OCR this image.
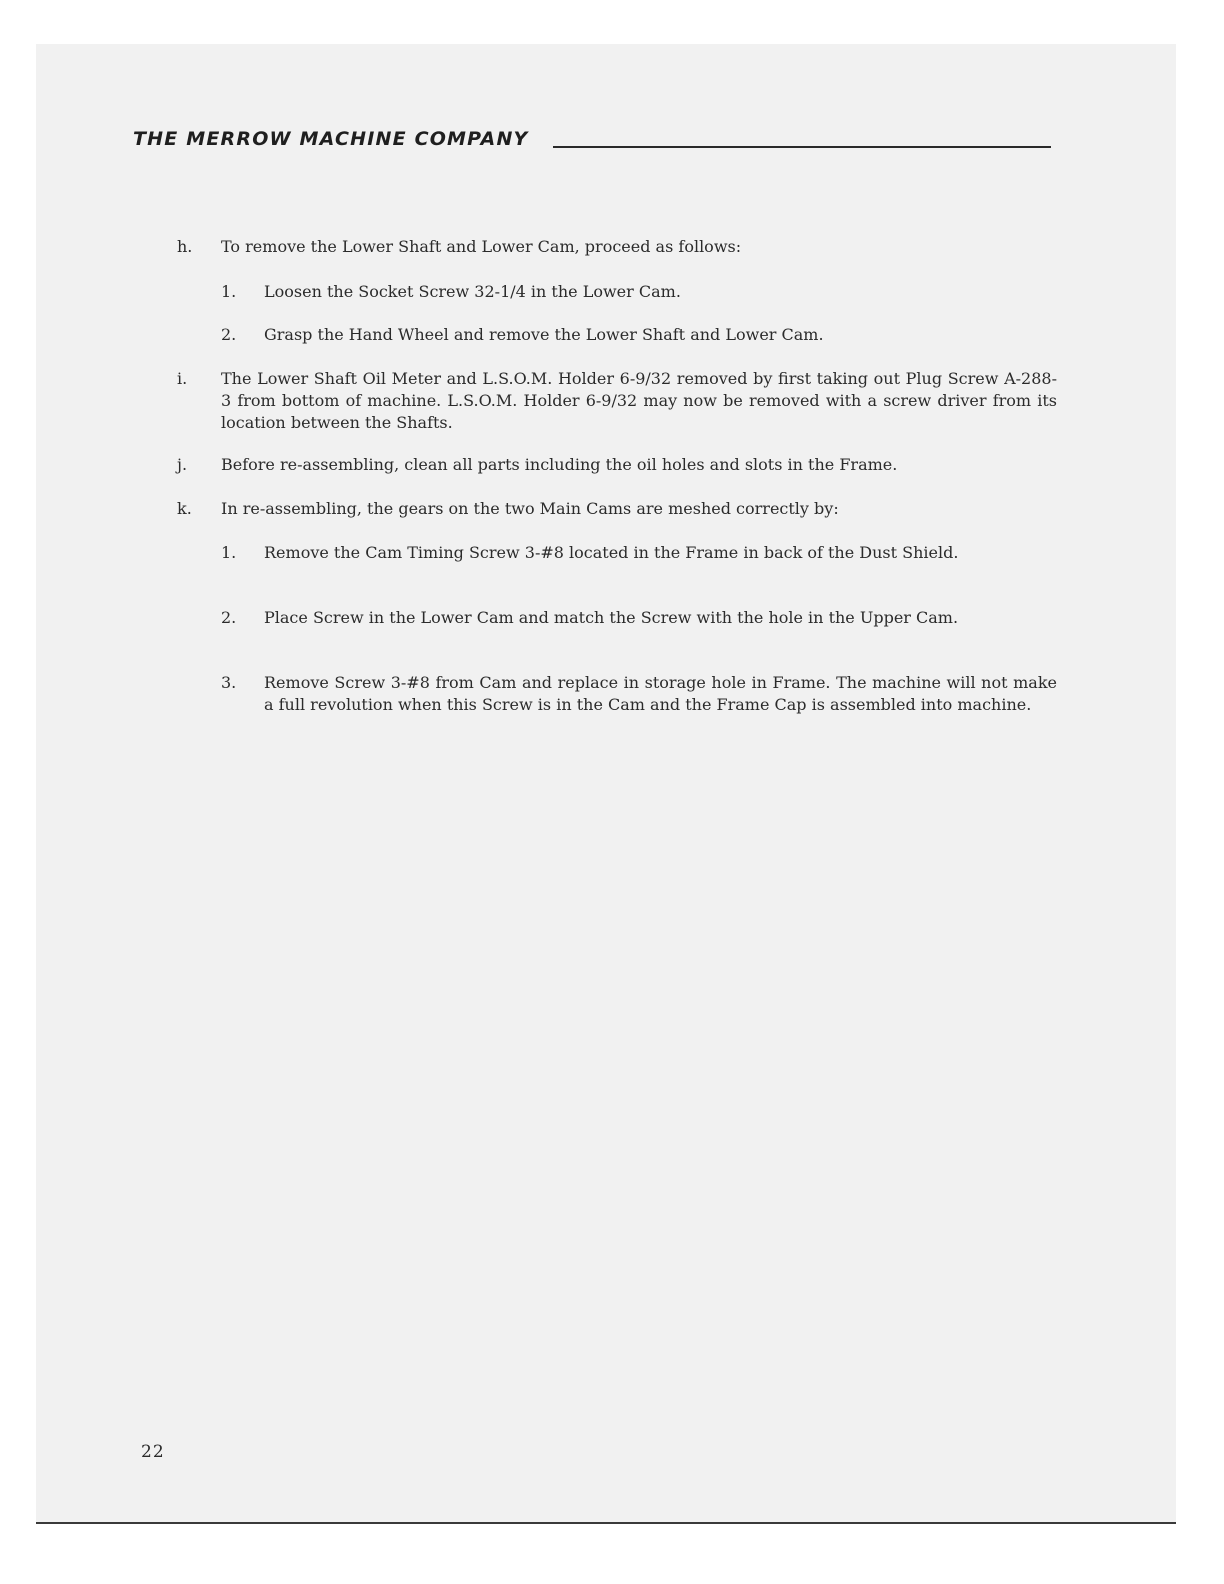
THE MERROW MACHINE COMPANY
h. To remove the Lower Shaft and Lower Cam, proceed as follows:
1. Loosen the Socket Screw 32-1/4 in the Lower Cam.
2. Grasp the Hand Wheel and remove the Lower Shaft and Lower Cam.
i. The Lower Shaft Oil Meter and L.S.O.M. Holder 6-9/32 removed by first taking out Plug Screw A-288-3 from bottom of machine. L.S.O.M. Holder 6-9/32 may now be removed with a screw driver from its location between the Shafts.
j. Before re-assembling, clean all parts including the oil holes and slots in the Frame.
k. In re-assembling, the gears on the two Main Cams are meshed correctly by:
1. Remove the Cam Timing Screw 3-#8 located in the Frame in back of the Dust Shield.
2. Place Screw in the Lower Cam and match the Screw with the hole in the Upper Cam.
3. Remove Screw 3-#8 from Cam and replace in storage hole in Frame. The machine will not make a full revolution when this Screw is in the Cam and the Frame Cap is assembled into machine.
22
